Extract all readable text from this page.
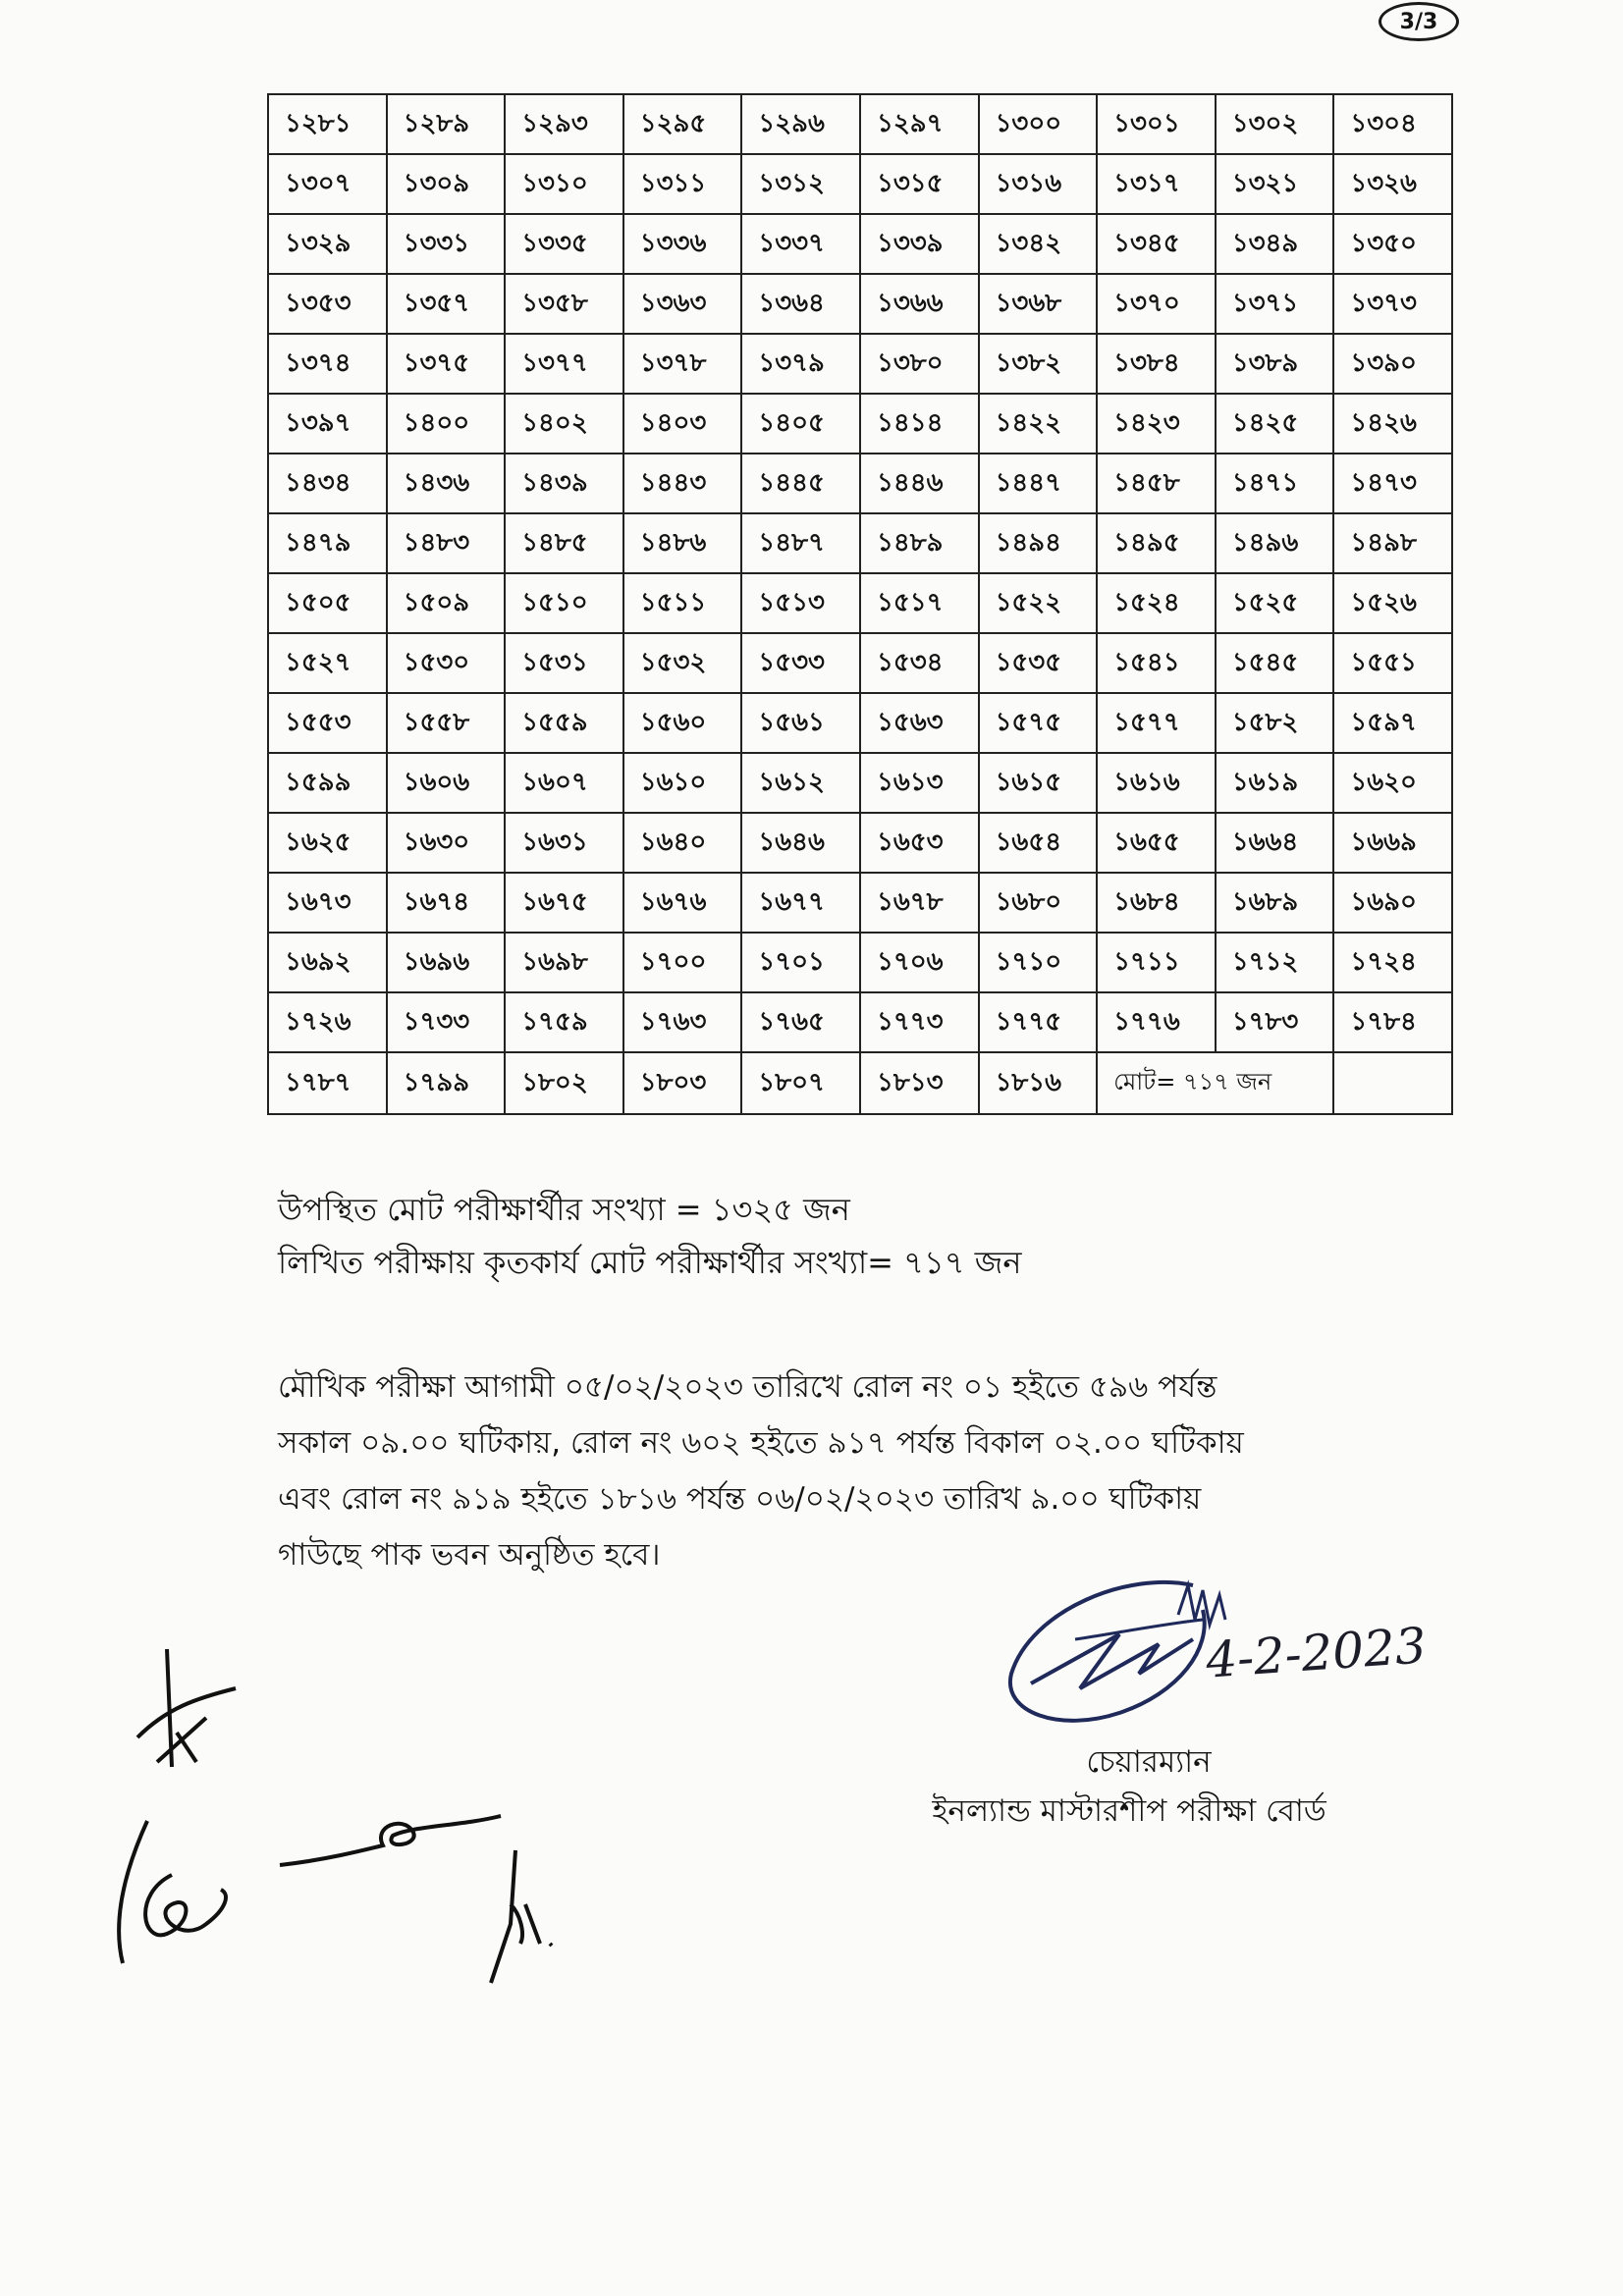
3/3
১২৮১	১২৮৯	১২৯৩	১২৯৫	১২৯৬	১২৯৭	১৩০০	১৩০১	১৩০২	১৩০৪
১৩০৭	১৩০৯	১৩১০	১৩১১	১৩১২	১৩১৫	১৩১৬	১৩১৭	১৩২১	১৩২৬
১৩২৯	১৩৩১	১৩৩৫	১৩৩৬	১৩৩৭	১৩৩৯	১৩৪২	১৩৪৫	১৩৪৯	১৩৫০
১৩৫৩	১৩৫৭	১৩৫৮	১৩৬৩	১৩৬৪	১৩৬৬	১৩৬৮	১৩৭০	১৩৭১	১৩৭৩
১৩৭৪	১৩৭৫	১৩৭৭	১৩৭৮	১৩৭৯	১৩৮০	১৩৮২	১৩৮৪	১৩৮৯	১৩৯০
১৩৯৭	১৪০০	১৪০২	১৪০৩	১৪০৫	১৪১৪	১৪২২	১৪২৩	১৪২৫	১৪২৬
১৪৩৪	১৪৩৬	১৪৩৯	১৪৪৩	১৪৪৫	১৪৪৬	১৪৪৭	১৪৫৮	১৪৭১	১৪৭৩
১৪৭৯	১৪৮৩	১৪৮৫	১৪৮৬	১৪৮৭	১৪৮৯	১৪৯৪	১৪৯৫	১৪৯৬	১৪৯৮
১৫০৫	১৫০৯	১৫১০	১৫১১	১৫১৩	১৫১৭	১৫২২	১৫২৪	১৫২৫	১৫২৬
১৫২৭	১৫৩০	১৫৩১	১৫৩২	১৫৩৩	১৫৩৪	১৫৩৫	১৫৪১	১৫৪৫	১৫৫১
১৫৫৩	১৫৫৮	১৫৫৯	১৫৬০	১৫৬১	১৫৬৩	১৫৭৫	১৫৭৭	১৫৮২	১৫৯৭
১৫৯৯	১৬০৬	১৬০৭	১৬১০	১৬১২	১৬১৩	১৬১৫	১৬১৬	১৬১৯	১৬২০
১৬২৫	১৬৩০	১৬৩১	১৬৪০	১৬৪৬	১৬৫৩	১৬৫৪	১৬৫৫	১৬৬৪	১৬৬৯
১৬৭৩	১৬৭৪	১৬৭৫	১৬৭৬	১৬৭৭	১৬৭৮	১৬৮০	১৬৮৪	১৬৮৯	১৬৯০
১৬৯২	১৬৯৬	১৬৯৮	১৭০০	১৭০১	১৭০৬	১৭১০	১৭১১	১৭১২	১৭২৪
১৭২৬	১৭৩৩	১৭৫৯	১৭৬৩	১৭৬৫	১৭৭৩	১৭৭৫	১৭৭৬	১৭৮৩	১৭৮৪
১৭৮৭	১৭৯৯	১৮০২	১৮০৩	১৮০৭	১৮১৩	১৮১৬	মোট= ৭১৭ জন		

উপস্থিত মোট পরীক্ষার্থীর সংখ্যা = ১৩২৫ জন

লিখিত পরীক্ষায় কৃতকার্য মোট পরীক্ষার্থীর সংখ্যা= ৭১৭ জন

মৌখিক পরীক্ষা আগামী ০৫/০২/২০২৩ তারিখে রোল নং ০১ হইতে ৫৯৬ পর্যন্ত

সকাল ০৯.০০ ঘটিকায়, রোল নং ৬০২ হইতে ৯১৭ পর্যন্ত বিকাল ০২.০০ ঘটিকায়

এবং রোল নং ৯১৯ হইতে ১৮১৬ পর্যন্ত ০৬/০২/২০২৩ তারিখ ৯.০০ ঘটিকায়

গাউছে পাক ভবন অনুষ্ঠিত হবে।

4-2-2023

চেয়ারম্যান

ইনল্যান্ড মাস্টারশীপ পরীক্ষা বোর্ড
